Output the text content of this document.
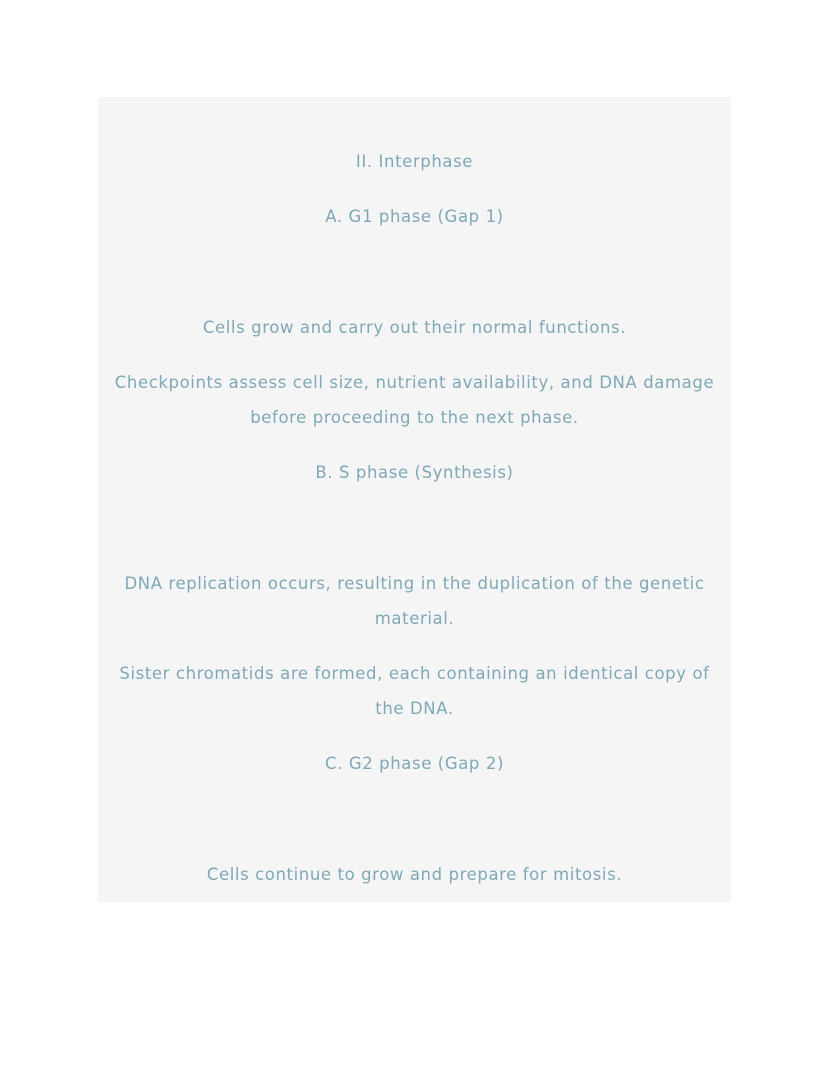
II. Interphase
A. G1 phase (Gap 1)
Cells grow and carry out their normal functions.
Checkpoints assess cell size, nutrient availability, and DNA damage
before proceeding to the next phase.
B. S phase (Synthesis)
DNA replication occurs, resulting in the duplication of the genetic
material.
Sister chromatids are formed, each containing an identical copy of
the DNA.
C. G2 phase (Gap 2)
Cells continue to grow and prepare for mitosis.
